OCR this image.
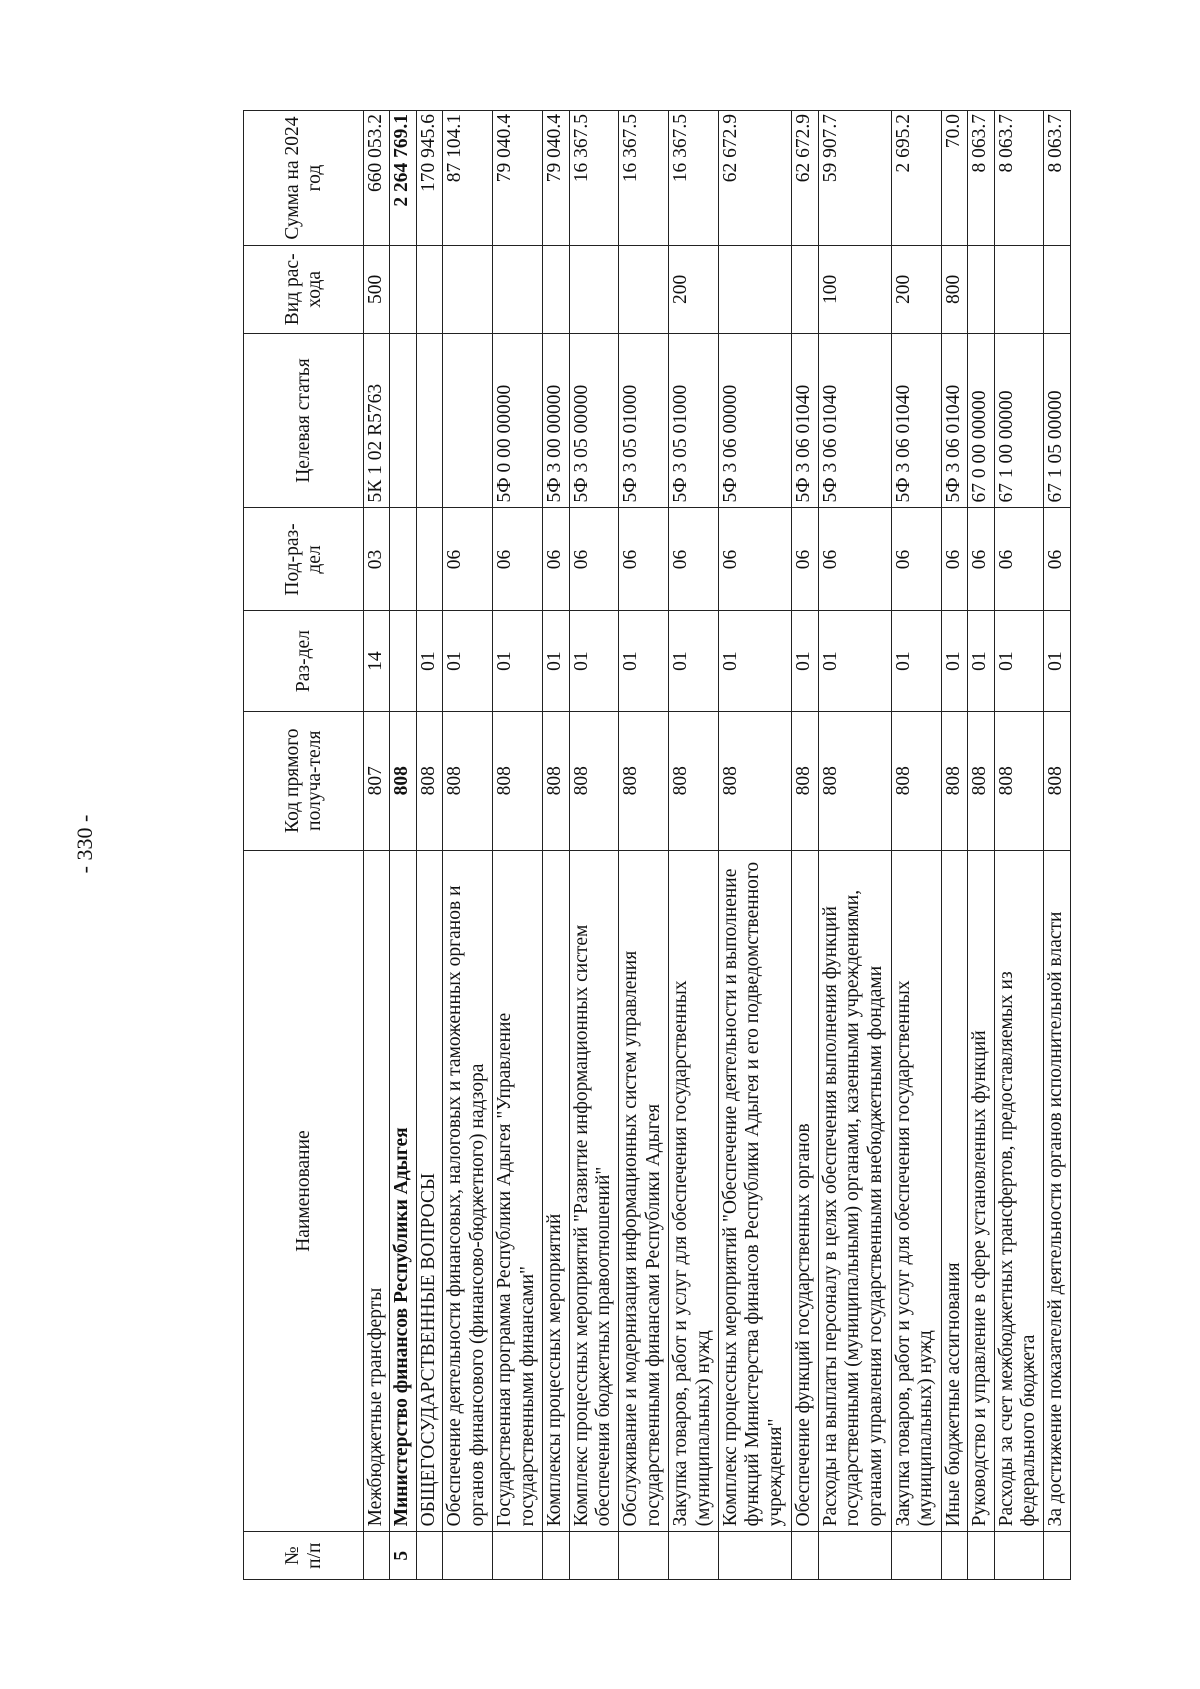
- 330 -
№ п/п	Наименование	Код прямого получа-теля	Раз-дел	Под-раз-дел	Целевая статья	Вид рас-хода	Сумма на 2024 год
	Межбюджетные трансферты	807	14	03	5К 1 02 R5763	500	660 053.2
5	Министерство финансов Республики Адыгея	808					2 264 769.1
	ОБЩЕГОСУДАРСТВЕННЫЕ ВОПРОСЫ	808	01				170 945.6
	Обеспечение деятельности финансовых, налоговых и таможенных органов и органов финансового (финансово-бюджетного) надзора	808	01	06			87 104.1
	Государственная программа Республики Адыгея "Управление государственными финансами"	808	01	06	5Ф 0 00 00000		79 040.4
	Комплексы процессных мероприятий	808	01	06	5Ф 3 00 00000		79 040.4
	Комплекс процессных мероприятий "Развитие информационных систем обеспечения бюджетных правоотношений"	808	01	06	5Ф 3 05 00000		16 367.5
	Обслуживание и модернизация информационных систем управления государственными финансами Республики Адыгея	808	01	06	5Ф 3 05 01000		16 367.5
	Закупка товаров, работ и услуг для обеспечения государственных (муниципальных) нужд	808	01	06	5Ф 3 05 01000	200	16 367.5
	Комплекс процессных мероприятий "Обеспечение деятельности и выполнение функций Министерства финансов Республики Адыгея и его подведомственного учреждения"	808	01	06	5Ф 3 06 00000		62 672.9
	Обеспечение функций государственных органов	808	01	06	5Ф 3 06 01040		62 672.9
	Расходы на выплаты персоналу в целях обеспечения выполнения функций государственными (муниципальными) органами, казенными учреждениями, органами управления государственными внебюджетными фондами	808	01	06	5Ф 3 06 01040	100	59 907.7
	Закупка товаров, работ и услуг для обеспечения государственных (муниципальных) нужд	808	01	06	5Ф 3 06 01040	200	2 695.2
	Иные бюджетные ассигнования	808	01	06	5Ф 3 06 01040	800	70.0
	Руководство и управление в сфере установленных функций	808	01	06	67 0 00 00000		8 063.7
	Расходы за счет межбюджетных трансфертов, предоставляемых из федерального бюджета	808	01	06	67 1 00 00000		8 063.7
	За достижение показателей деятельности органов исполнительной власти	808	01	06	67 1 05 00000		8 063.7
